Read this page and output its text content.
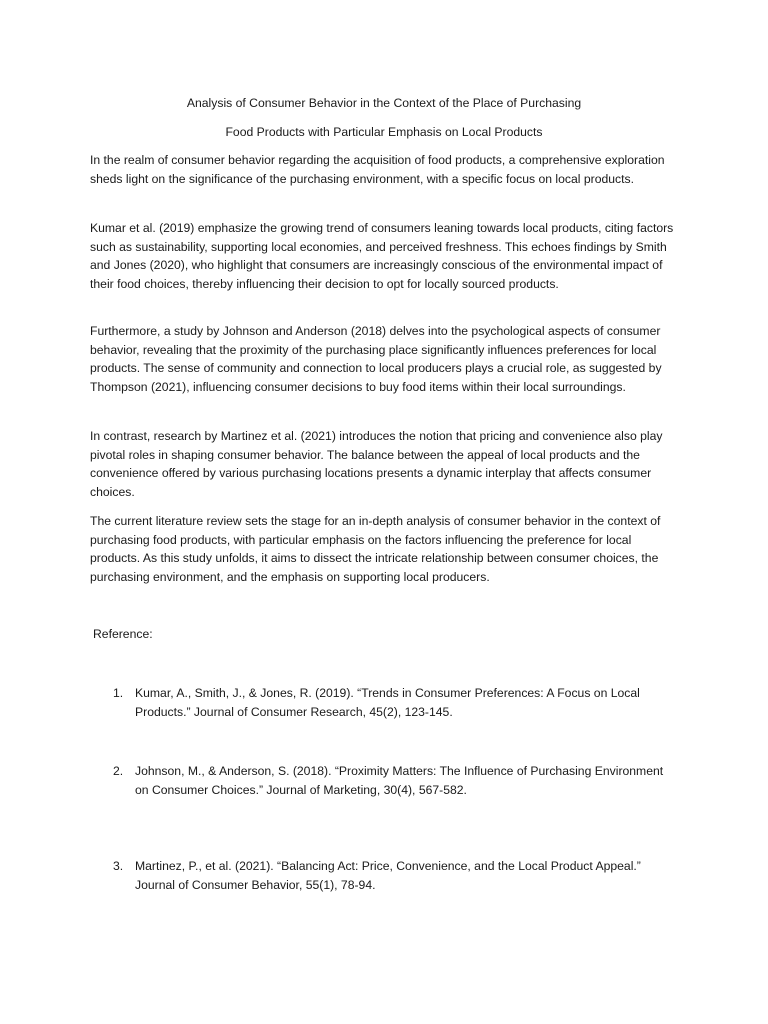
Analysis of Consumer Behavior in the Context of the Place of Purchasing
Food Products with Particular Emphasis on Local Products

In the realm of consumer behavior regarding the acquisition of food products, a comprehensive exploration sheds light on the significance of the purchasing environment, with a specific focus on local products.

Kumar et al. (2019) emphasize the growing trend of consumers leaning towards local products, citing factors such as sustainability, supporting local economies, and perceived freshness. This echoes findings by Smith and Jones (2020), who highlight that consumers are increasingly conscious of the environmental impact of their food choices, thereby influencing their decision to opt for locally sourced products.

Furthermore, a study by Johnson and Anderson (2018) delves into the psychological aspects of consumer behavior, revealing that the proximity of the purchasing place significantly influences preferences for local products. The sense of community and connection to local producers plays a crucial role, as suggested by Thompson (2021), influencing consumer decisions to buy food items within their local surroundings.

In contrast, research by Martinez et al. (2021) introduces the notion that pricing and convenience also play pivotal roles in shaping consumer behavior. The balance between the appeal of local products and the convenience offered by various purchasing locations presents a dynamic interplay that affects consumer choices.

The current literature review sets the stage for an in-depth analysis of consumer behavior in the context of purchasing food products, with particular emphasis on the factors influencing the preference for local products. As this study unfolds, it aims to dissect the intricate relationship between consumer choices, the purchasing environment, and the emphasis on supporting local producers.

Reference:
1. Kumar, A., Smith, J., & Jones, R. (2019). “Trends in Consumer Preferences: A Focus on Local Products.” Journal of Consumer Research, 45(2), 123-145.
2. Johnson, M., & Anderson, S. (2018). “Proximity Matters: The Influence of Purchasing Environment on Consumer Choices.” Journal of Marketing, 30(4), 567-582.
3. Martinez, P., et al. (2021). “Balancing Act: Price, Convenience, and the Local Product Appeal.” Journal of Consumer Behavior, 55(1), 78-94.
